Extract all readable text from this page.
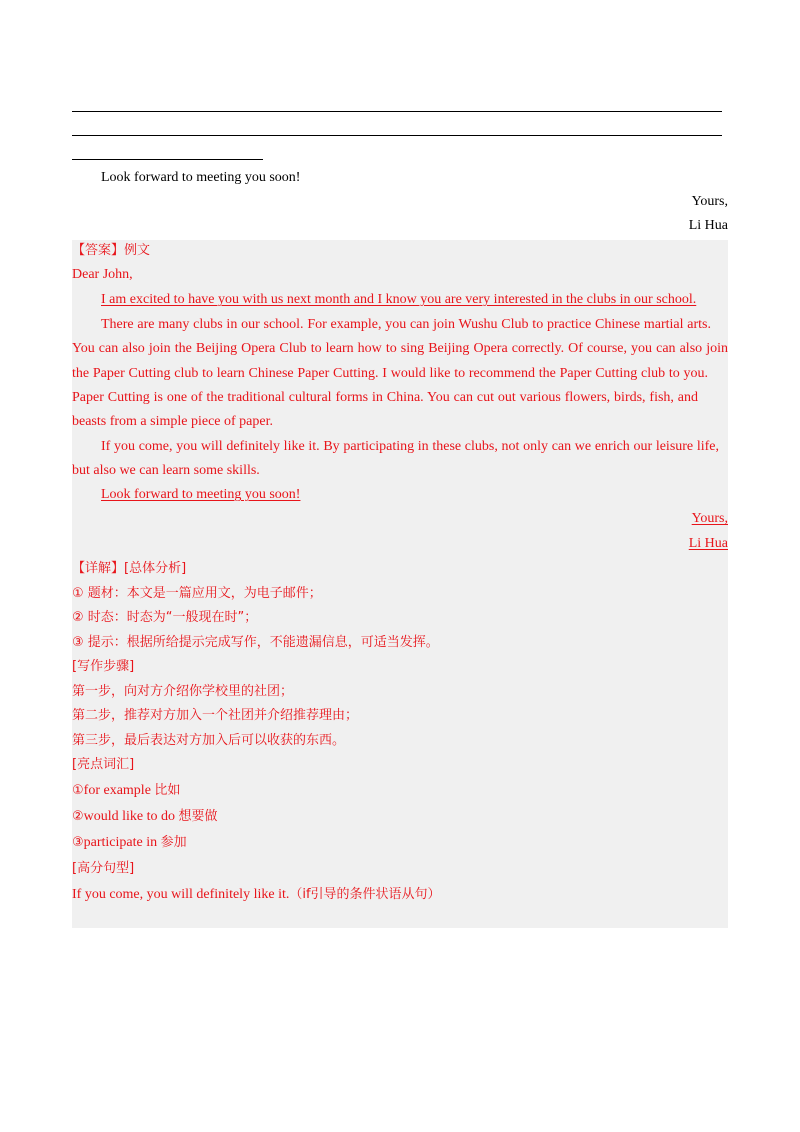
Look forward to meeting you soon!
Yours,
Li Hua
【答案】例文
Dear John,
I am excited to have you with us next month and I know you are very interested in the clubs in our school.
There are many clubs in our school. For example, you can join Wushu Club to practice Chinese martial arts.
You can also join the Beijing Opera Club to learn how to sing Beijing Opera correctly. Of course, you can also join
the Paper Cutting club to learn Chinese Paper Cutting. I would like to recommend the Paper Cutting club to you.
Paper Cutting is one of the traditional cultural forms in China. You can cut out various flowers, birds, fish, and
beasts from a simple piece of paper.
If you come, you will definitely like it. By participating in these clubs, not only can we enrich our leisure life,
but also we can learn some skills.
Look forward to meeting you soon!
Yours,
Li Hua
【详解】[总体分析]
① 题材：本文是一篇应用文，为电子邮件；
② 时态：时态为“一般现在时”；
③ 提示：根据所给提示完成写作，不能遗漏信息，可适当发挥。
[写作步骤]
第一步，向对方介绍你学校里的社团；
第二步，推荐对方加入一个社团并介绍推荐理由；
第三步，最后表达对方加入后可以收获的东西。
[亮点词汇]
①for example 比如
②would like to do 想要做
③participate in 参加
[高分句型]
If you come, you will definitely like it.（if引导的条件状语从句）
